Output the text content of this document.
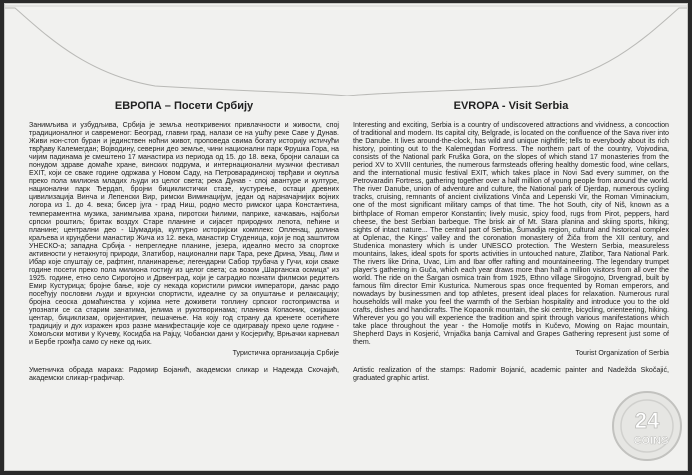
ЕВРОПА – Посети Србију

Занимљива и узбудљива, Србија је земља неоткривених привлачности и живости, спој традиционалног и савременог: Београд, главни град, налази се на ушћу реке Саве у Дунав. Живи нон-стоп буран и јединствен ноћни живот, проповеда свима богату историју истичући тврђаву Калемегдан; Војводину, северни део земље, чини национални парк Фрушка Гора, на чијим падинама је смештено 17 манастира из периода од 15. до 18. века, бројни салаши са понудом здраве домаће хране, винских подрума, и интернационални музички фестивал EXIT, који се сваке године одржава у Новом Саду, на Петроварадинској тврђави и окупља преко пола милиона младих људи из целог света; река Дунав - спој авантуре и културе, национални парк Ђердап, бројни бициклистички стазе, кустурење, остаци древних цивилизација Винча и Лепенски Вир, римски Виминацијум, један од најзначајнијих војних логора из 1. до 4. века; бисер југа - град Ниш, родно место римског цара Константина, темпераментна музика, занимљива храна, пиротски ћилими, паприке, качкавањ, најбољи српски роштиљ; бритак воздух Старе планине и сијасет природних лепота, пећине и планине; централни део - Шумадија, културно историјски комплекс Опленац, долина краљева и крундбени манастир Жича из 12. века, манастир Студеница, који је под заштитом УНЕСКО-а; западна Србија - непрегледне планине, језера, идеално место за спортске активности у нетакнутој природи, Златибор, национални парк Тара, реке Дрина, Увац, Лим и Ибар које спуштају се, рафтинг, планинарење; легендарни Сабор трубача у Гучи, који сваке године посети преко пола милиона гостију из целог света; са возом „Шарганска осмица“ из 1925. године, етно село Сирогојно и Дрвенград, који је саградио познати филмски редитељ Емир Кустурица; бројне бање, које су некада користили римски императори, данас радо посећују пословни људи и врхунски спортисти, идеалне су за опуштање и релаксацију; бројна сеоска домаћинства у којима нете доживети топлину српског гостопримства и упознати се са старим занатима, јелима и рукотворинама; планина Копаоник, скијашки центар, бициклизам, оријентиринг, пешачење. На коју год страну да кренете осетићете традицију и дух изражен кроз разне манифестације које се одигравају преко целе године - Хомољски мотиви у Кучеву, Косидба на Рајцу, Чобански дани у Косјерићу, Врњачки карневал и Бербе грожђа само су неке од њих.

Туристичка организација Србије

Уметничка обрада марака: Радомир Бојанић, академски сликар и Надежда Скочајић, академски сликар-графичар.

EVROPA - Visit Serbia

Interesting and exciting, Serbia is a country of undiscovered attractions and vividness, a concoction of traditional and modern. Its capital city, Belgrade, is located on the confluence of the Sava river into the Danube. It lives around-the-clock, has wild and unique nightlife; tells to everybody about its rich history, pointing out to the Kalemegdan Fortress. The northern part of the country, Vojvodina, consists of the National park Fruška Gora, on the slopes of which stand 17 monasteries from the period XV to XVIII centuries, the numerous farmsteads offering healthy domestic food, wine cellars, and the international music festival EXIT, which takes place in Novi Sad every summer, on the Petrovaradin Fortress, gathering together over a half million of young people from around the world. The river Danube, union of adventure and culture, the National park of Djerdap, numerous cycling tracks, cruising, remnants of ancient civilizations Vinča and Lepenski Vir, the Roman Viminacium, one of the most significant military camps of that time. The hot South, city of Niš, known as a birthplace of Roman emperor Konstantin; lively music, spicy food, rugs from Pirot, peppers, hard cheese, the best Serbian barbeque. The brisk air of Mt. Stara planina and skiing sports, hiking; sights of intact nature... The central part of Serbia, Šumadija region, cultural and historical complex at Oplenac, the Kings' valley and the coronation monastery of Žiča from the XII century, and Studenica monastery which is under UNESCO protection. The Western Serbia, measureless mountains, lakes, ideal spots for sports activities in untouched nature, Zlatibor, Tara National Park. The rivers like Drina, Uvac, Lim and Ibar offer rafting and mountaineering. The legendary trumpet player's gathering in Guča, which each year draws more than half a million visitors from all over the world. The ride on the Šargan osmica train from 1925, Ethno village Sirogojno, Drvengrad, built by famous film director Emir Kusturica. Numerous spas once frequented by Roman emperors, and nowadays by businessmen and top athletes, present ideal places for relaxation. Numerous rural households will make you feel the warmth of the Serbian hospitality and introduce you to the old crafts, dishes and handicrafts. The Kopaonik mountain, the ski centre, bicycling, orienteering, hiking. Wherever you go you will experience the tradition and spirit through various manifestations which take place throughout the year - the Homolje motifs in Kučevo, Mowing on Rajac mountain, Shepherd Days in Kosjerić, Vrnjačka banja Carnival and Grapes Gathering represent just some of them.

Tourist Organization of Serbia

Artistic realization of the stamps: Radomir Bojanić, academic painter and Nadežda Skočajić, graduated graphic artist.

24
COINS
